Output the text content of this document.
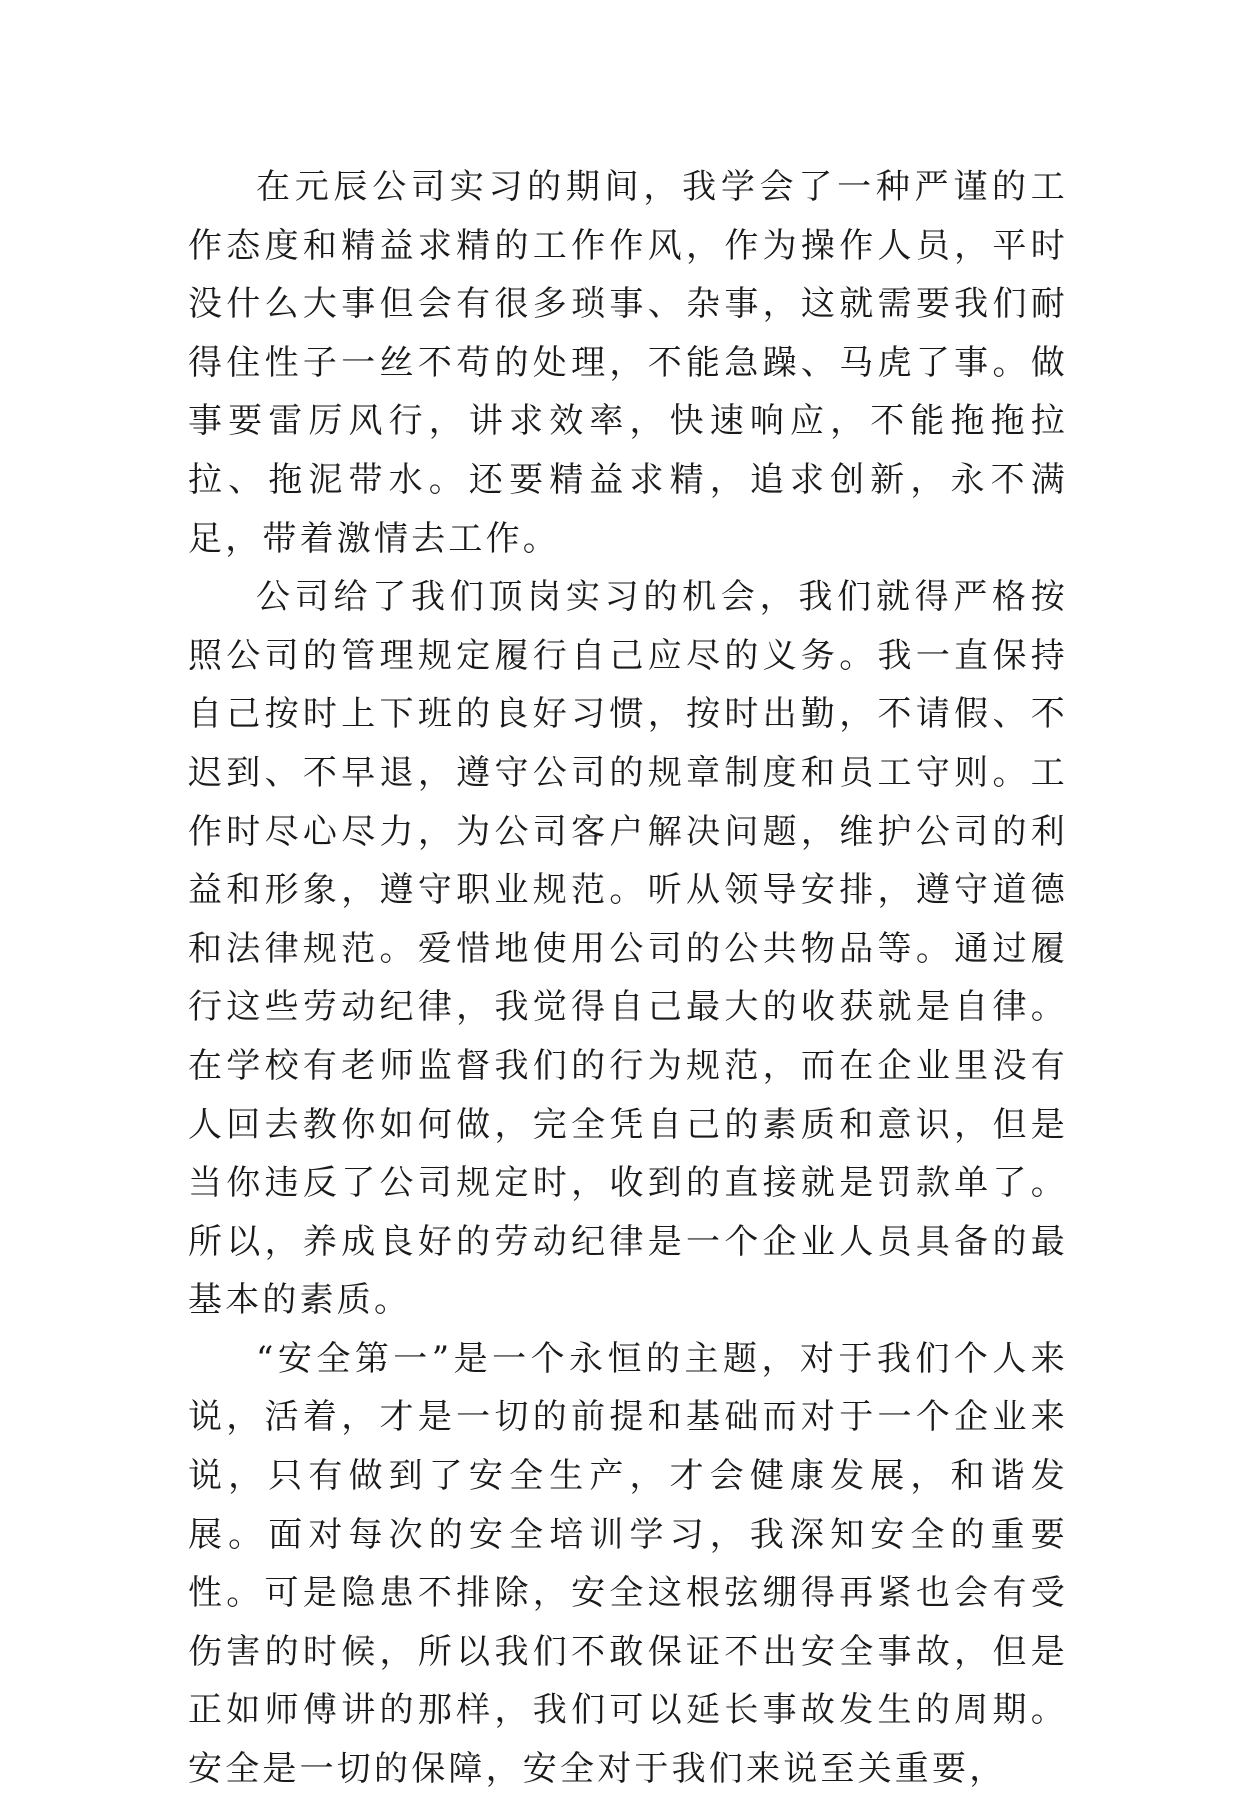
在元辰公司实习的期间，我学会了一种严谨的工作态度和精益求精的工作作风，作为操作人员，平时没什么大事但会有很多琐事、杂事，这就需要我们耐得住性子一丝不苟的处理，不能急躁、马虎了事。做事要雷厉风行，讲求效率，快速响应，不能拖拖拉拉、拖泥带水。还要精益求精，追求创新，永不满足，带着激情去工作。

公司给了我们顶岗实习的机会，我们就得严格按照公司的管理规定履行自己应尽的义务。我一直保持自己按时上下班的良好习惯，按时出勤，不请假、不迟到、不早退，遵守公司的规章制度和员工守则。工作时尽心尽力，为公司客户解决问题，维护公司的利益和形象，遵守职业规范。听从领导安排，遵守道德和法律规范。爱惜地使用公司的公共物品等。通过履行这些劳动纪律，我觉得自己最大的收获就是自律。在学校有老师监督我们的行为规范，而在企业里没有人回去教你如何做，完全凭自己的素质和意识，但是当你违反了公司规定时，收到的直接就是罚款单了。所以，养成良好的劳动纪律是一个企业人员具备的最基本的素质。

“安全第一”是一个永恒的主题，对于我们个人来说，活着，才是一切的前提和基础而对于一个企业来说，只有做到了安全生产，才会健康发展，和谐发展。面对每次的安全培训学习，我深知安全的重要性。可是隐患不排除，安全这根弦绷得再紧也会有受伤害的时候，所以我们不敢保证不出安全事故，但是正如师傅讲的那样，我们可以延长事故发生的周期。安全是一切的保障，安全对于我们来说至关重要，
